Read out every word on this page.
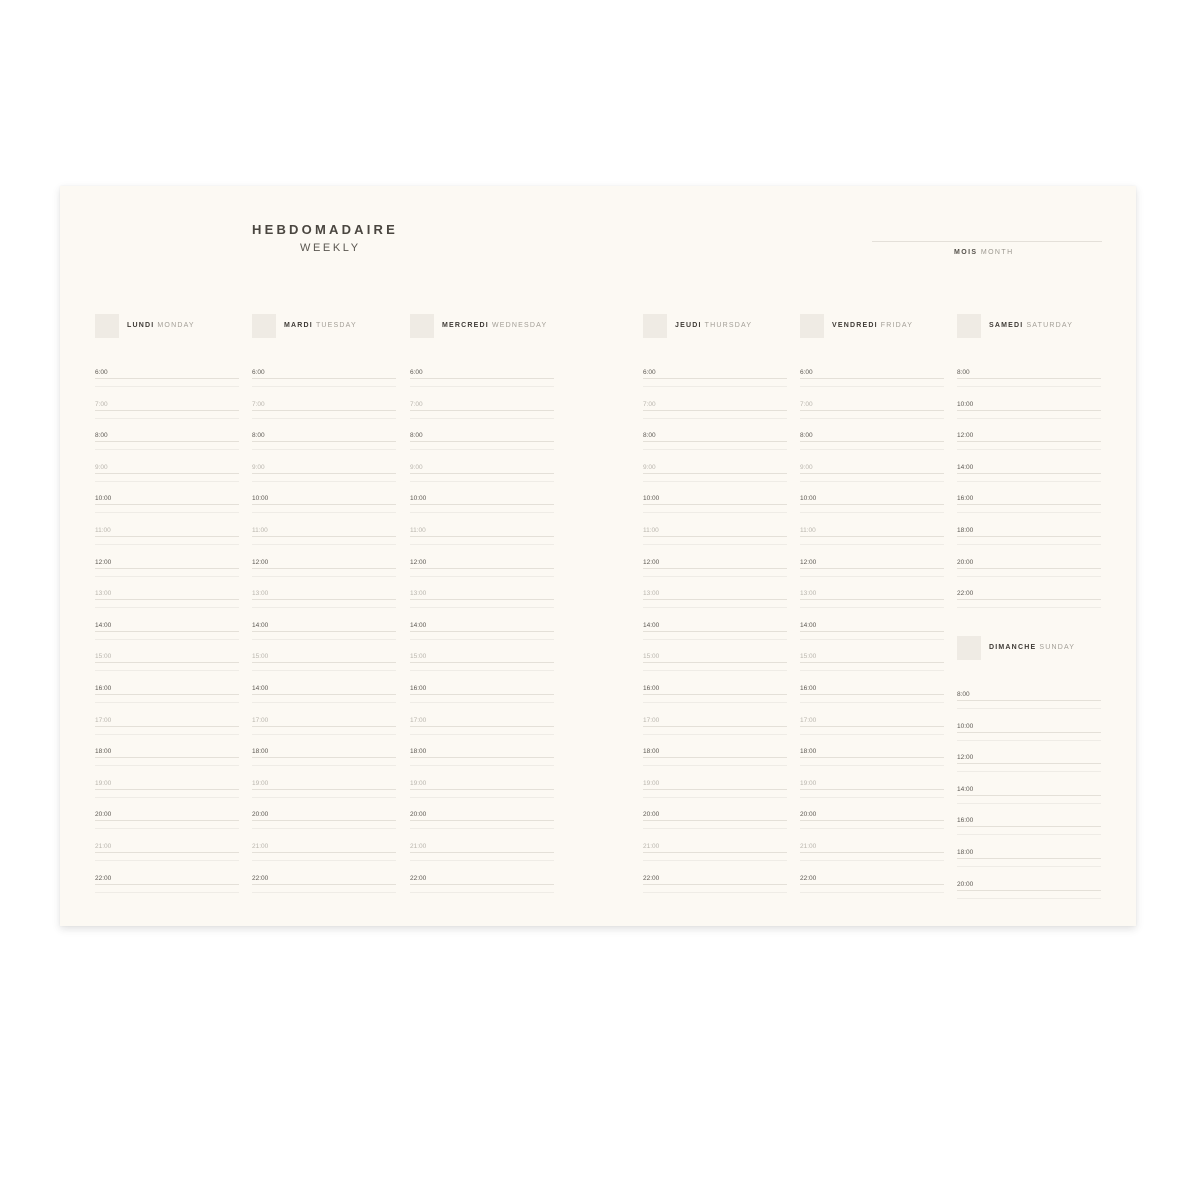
HEBDOMADAIRE
WEEKLY	MOIS MONTH
LUNDI MONDAY
6:00
7:00
8:00
9:00
10:00
11:00
12:00
13:00
14:00
15:00
16:00
17:00
18:00
19:00
20:00
21:00
22:00
MARDI TUESDAY
6:00
7:00
8:00
9:00
10:00
11:00
12:00
13:00
14:00
15:00
14:00
17:00
18:00
19:00
20:00
21:00
22:00
MERCREDI WEDNESDAY
6:00
7:00
8:00
9:00
10:00
11:00
12:00
13:00
14:00
15:00
16:00
17:00
18:00
19:00
20:00
21:00
22:00
JEUDI THURSDAY
6:00
7:00
8:00
9:00
10:00
11:00
12:00
13:00
14:00
15:00
16:00
17:00
18:00
19:00
20:00
21:00
22:00
VENDREDI FRIDAY
6:00
7:00
8:00
9:00
10:00
11:00
12:00
13:00
14:00
15:00
16:00
17:00
18:00
19:00
20:00
21:00
22:00
SAMEDI SATURDAY
8:00
10:00
12:00
14:00
16:00
18:00
20:00
22:00
DIMANCHE SUNDAY
8:00
10:00
12:00
14:00
16:00
18:00
20:00
